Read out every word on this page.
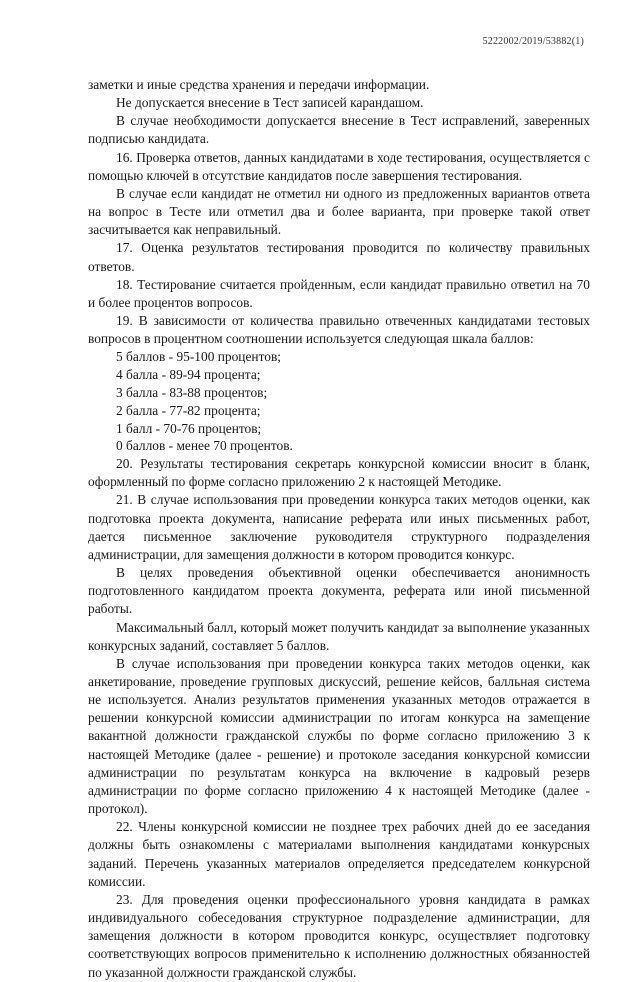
5222002/2019/53882(1)

заметки и иные средства хранения и передачи информации.

Не допускается внесение в Тест записей карандашом.

В случае необходимости допускается внесение в Тест исправлений, заверенных подписью кандидата.

16. Проверка ответов, данных кандидатами в ходе тестирования, осуществляется с помощью ключей в отсутствие кандидатов после завершения тестирования.

В случае если кандидат не отметил ни одного из предложенных вариантов ответа на вопрос в Тесте или отметил два и более варианта, при проверке такой ответ засчитывается как неправильный.

17. Оценка результатов тестирования проводится по количеству правильных ответов.

18. Тестирование считается пройденным, если кандидат правильно ответил на 70 и более процентов вопросов.

19. В зависимости от количества правильно отвеченных кандидатами тестовых вопросов в процентном соотношении используется следующая шкала баллов:

5 баллов - 95-100 процентов;

4 балла - 89-94 процента;

3 балла - 83-88 процентов;

2 балла - 77-82 процента;

1 балл - 70-76 процентов;

0 баллов - менее 70 процентов.

20. Результаты тестирования секретарь конкурсной комиссии вносит в бланк, оформленный по форме согласно приложению 2 к настоящей Методике.

21. В случае использования при проведении конкурса таких методов оценки, как подготовка проекта документа, написание реферата или иных письменных работ, дается письменное заключение руководителя структурного подразделения администрации, для замещения должности в котором проводится конкурс.

В целях проведения объективной оценки обеспечивается анонимность подготовленного кандидатом проекта документа, реферата или иной письменной работы.

Максимальный балл, который может получить кандидат за выполнение указанных конкурсных заданий, составляет 5 баллов.

В случае использования при проведении конкурса таких методов оценки, как анкетирование, проведение групповых дискуссий, решение кейсов, балльная система не используется. Анализ результатов применения указанных методов отражается в решении конкурсной комиссии администрации по итогам конкурса на замещение вакантной должности гражданской службы по форме согласно приложению 3 к настоящей Методике (далее - решение) и протоколе заседания конкурсной комиссии администрации по результатам конкурса на включение в кадровый резерв администрации по форме согласно приложению 4 к настоящей Методике (далее - протокол).

22. Члены конкурсной комиссии не позднее трех рабочих дней до ее заседания должны быть ознакомлены с материалами выполнения кандидатами конкурсных заданий. Перечень указанных материалов определяется председателем конкурсной комиссии.

23. Для проведения оценки профессионального уровня кандидата в рамках индивидуального собеседования структурное подразделение администрации, для замещения должности в котором проводится конкурс, осуществляет подготовку соответствующих вопросов применительно к исполнению должностных обязанностей по указанной должности гражданской службы.
